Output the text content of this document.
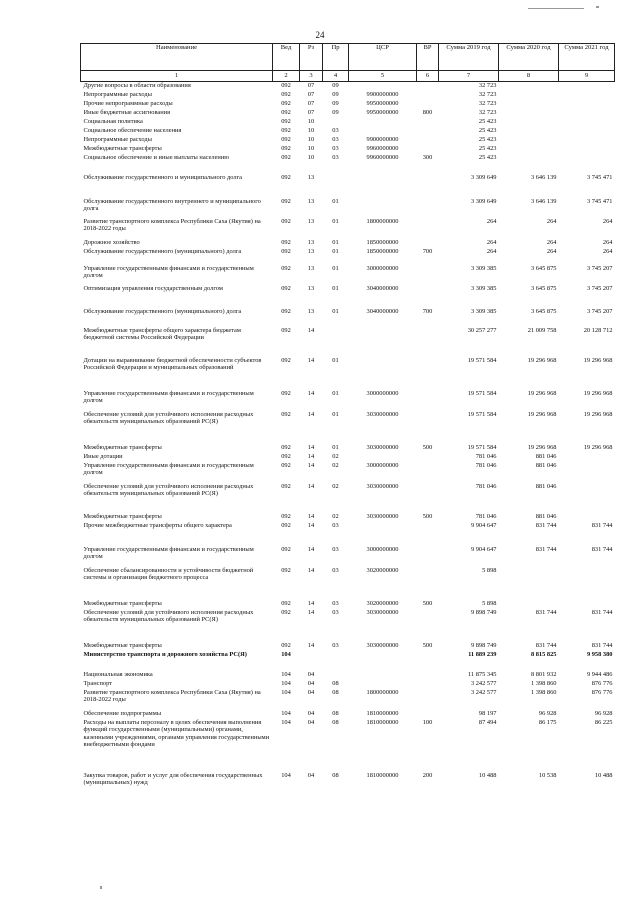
24
Наименование	Вед	Рз	Пр	ЦСР	ВР	Сумма 2019 год	Сумма 2020 год	Сумма 2021 год
1	2	3	4	5	6	7	8	9
Другие вопросы в области образования	092	07	09			32 723		
Непрограммные расходы	092	07	09	9900000000		32 723		
Прочие непрограммные расходы	092	07	09	9950000000		32 723		
Иные бюджетные ассигнования	092	07	09	9950000000	800	32 723		
Социальная политика	092	10				25 423		
Социальное обеспечение населения	092	10	03			25 423		
Непрограммные расходы	092	10	03	9900000000		25 423		
Межбюджетные трансферты	092	10	03	9960000000		25 423		
Социальное обеспечение и иные выплаты населению	092	10	03	9960000000	300	25 423		
Обслуживание государственного и муниципального долга	092	13				3 309 649	3 646 139	3 745 471
Обслуживание государственного внутреннего и муниципального долга	092	13	01			3 309 649	3 646 139	3 745 471
Развитие транспортного комплекса Республики Саха (Якутия) на 2018-2022 годы	092	13	01	1800000000		264	264	264
Дорожное хозяйство	092	13	01	1850000000		264	264	264
Обслуживание государственного (муниципального) долга	092	13	01	1850000000	700	264	264	264
Управление государственными финансами и государственным долгом	092	13	01	3000000000		3 309 385	3 645 875	3 745 207
Оптимизация управления государственным долгом	092	13	01	3040000000		3 309 385	3 645 875	3 745 207
Обслуживание государственного (муниципального) долга	092	13	01	3040000000	700	3 309 385	3 645 875	3 745 207
Межбюджетные трансферты общего характера бюджетам бюджетной системы Российской Федерации	092	14				30 257 277	21 009 758	20 128 712
Дотации на выравнивание бюджетной обеспеченности субъектов Российской Федерации и муниципальных образований	092	14	01			19 571 584	19 296 968	19 296 968
Управление государственными финансами и государственным долгом	092	14	01	3000000000		19 571 584	19 296 968	19 296 968
Обеспечение условий для устойчивого исполнения расходных обязательств муниципальных образований РС(Я)	092	14	01	3030000000		19 571 584	19 296 968	19 296 968
Межбюджетные трансферты	092	14	01	3030000000	500	19 571 584	19 296 968	19 296 968
Иные дотации	092	14	02			781 046	881 046	
Управление государственными финансами и государственным долгом	092	14	02	3000000000		781 046	881 046	
Обеспечение условий для устойчивого исполнения расходных обязательств муниципальных образований РС(Я)	092	14	02	3030000000		781 046	881 046	
Межбюджетные трансферты	092	14	02	3030000000	500	781 046	881 046	
Прочие межбюджетные трансферты общего характера	092	14	03			9 904 647	831 744	831 744
Управление государственными финансами и государственным долгом	092	14	03	3000000000		9 904 647	831 744	831 744
Обеспечение сбалансированности и устойчивости бюджетной системы и организация бюджетного процесса	092	14	03	3020000000		5 898		
Межбюджетные трансферты	092	14	03	3020000000	500	5 898		
Обеспечение условий для устойчивого исполнения расходных обязательств муниципальных образований РС(Я)	092	14	03	3030000000		9 898 749	831 744	831 744
Межбюджетные трансферты	092	14	03	3030000000	500	9 898 749	831 744	831 744
Министерство транспорта и дорожного хозяйства РС(Я)	104					11 889 239	8 815 825	9 958 380
Национальная экономика	104	04				11 875 345	8 801 932	9 944 486
Транспорт	104	04	08			3 242 577	1 398 860	876 776
Развитие транспортного комплекса Республики Саха (Якутия) на 2018-2022 годы	104	04	08	1800000000		3 242 577	1 398 860	876 776
Обеспечение подпрограммы	104	04	08	1810000000		98 197	96 928	96 928
Расходы на выплаты персоналу в целях обеспечения выполнения функций государственными (муниципальными) органами, казенными учреждениями, органами управления государственными внебюджетными фондами	104	04	08	1810000000	100	87 494	86 175	86 225
Закупка товаров, работ и услуг для обеспечения государственных (муниципальных) нужд	104	04	08	1810000000	200	10 488	10 538	10 488
